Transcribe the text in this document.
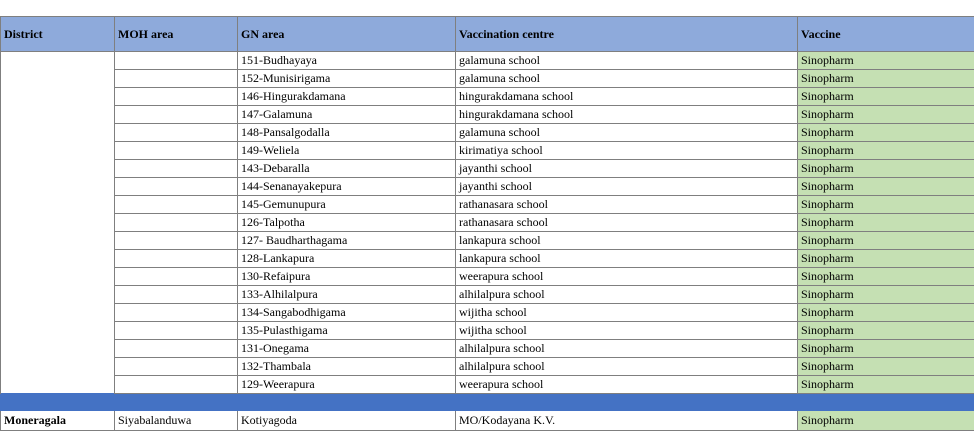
District	MOH area	GN area	Vaccination centre	Vaccine
		151-Budhayaya	galamuna school	Sinopharm
		152-Munisirigama	galamuna school	Sinopharm
		146-Hingurakdamana	hingurakdamana school	Sinopharm
		147-Galamuna	hingurakdamana school	Sinopharm
		148-Pansalgodalla	galamuna school	Sinopharm
		149-Weliela	kirimatiya school	Sinopharm
		143-Debaralla	jayanthi school	Sinopharm
		144-Senanayakepura	jayanthi school	Sinopharm
		145-Gemunupura	rathanasara school	Sinopharm
		126-Talpotha	rathanasara school	Sinopharm
		127- Baudharthagama	lankapura school	Sinopharm
		128-Lankapura	lankapura school	Sinopharm
		130-Refaipura	weerapura school	Sinopharm
		133-Alhilalpura	alhilalpura school	Sinopharm
		134-Sangabodhigama	wijitha school	Sinopharm
		135-Pulasthigama	wijitha school	Sinopharm
		131-Onegama	alhilalpura school	Sinopharm
		132-Thambala	alhilalpura school	Sinopharm
		129-Weerapura	weerapura school	Sinopharm

Moneragala	Siyabalanduwa	Kotiyagoda	MO/Kodayana K.V.	Sinopharm
